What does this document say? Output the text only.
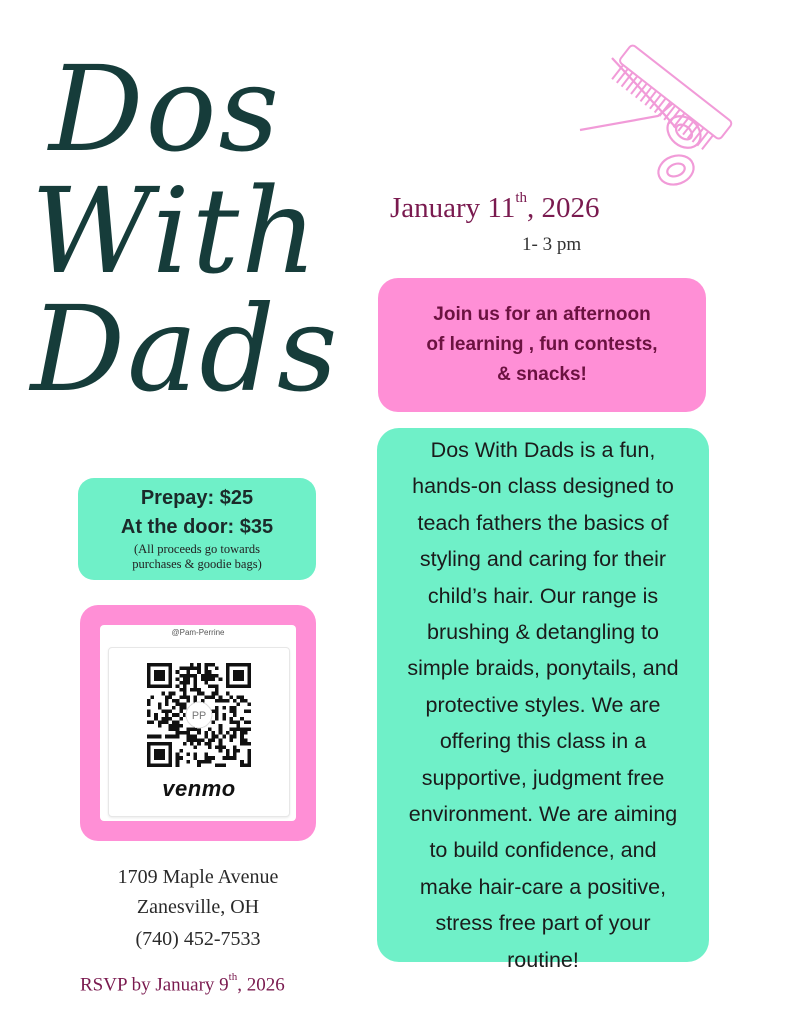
Dos
With
Dads
January 11th, 2026
1- 3 pm
Join us for an afternoon
of learning , fun contests,
& snacks!
Dos With Dads is a fun,
hands-on class designed to
teach fathers the basics of
styling and caring for their
child’s hair. Our range is
brushing & detangling to
simple braids, ponytails, and
protective styles. We are
offering this class in a
supportive, judgment free
environment. We are aiming
to build confidence, and
make hair-care a positive,
stress free part of your
routine!
Prepay: $25
At the door: $35
(All proceeds go towards
purchases & goodie bags)
@Pam-Perrine
PP
venmo
1709 Maple Avenue
Zanesville, OH
(740) 452-7533
RSVP by January 9th, 2026
